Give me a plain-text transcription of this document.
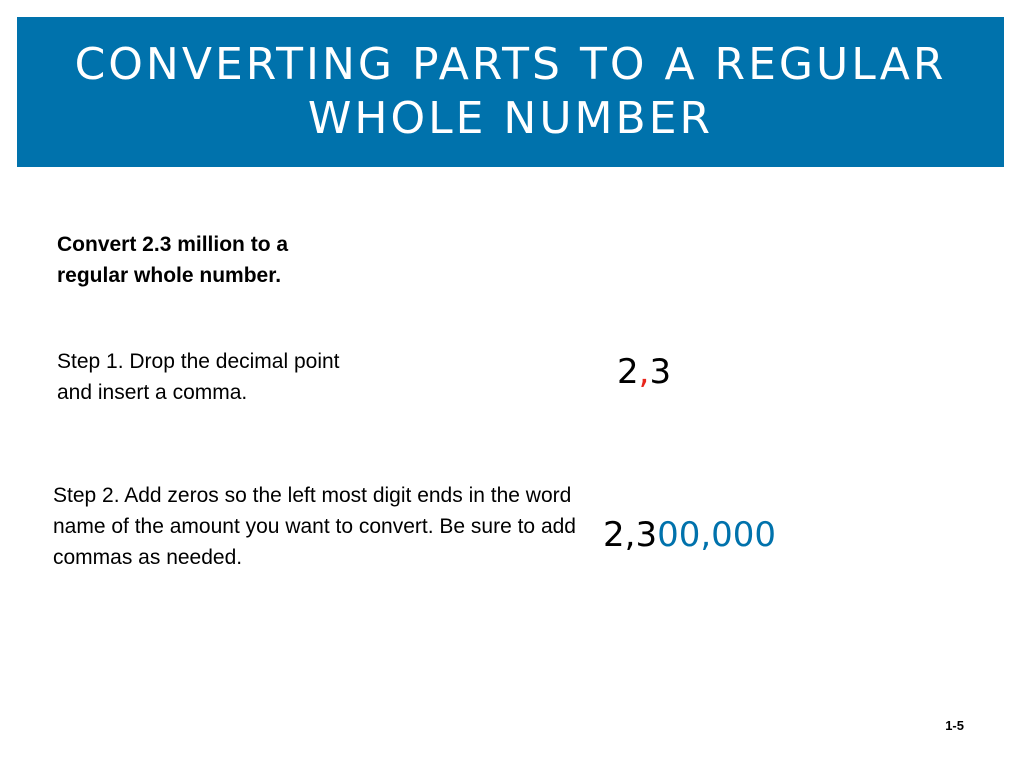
CONVERTING PARTS TO A REGULAR WHOLE NUMBER

Convert 2.3 million to a regular whole number.

Step 1. Drop the decimal point and insert a comma.

2,3

Step 2. Add zeros so the left most digit ends in the word name of the amount you want to convert. Be sure to add commas as needed.

2,300,000
1-5
